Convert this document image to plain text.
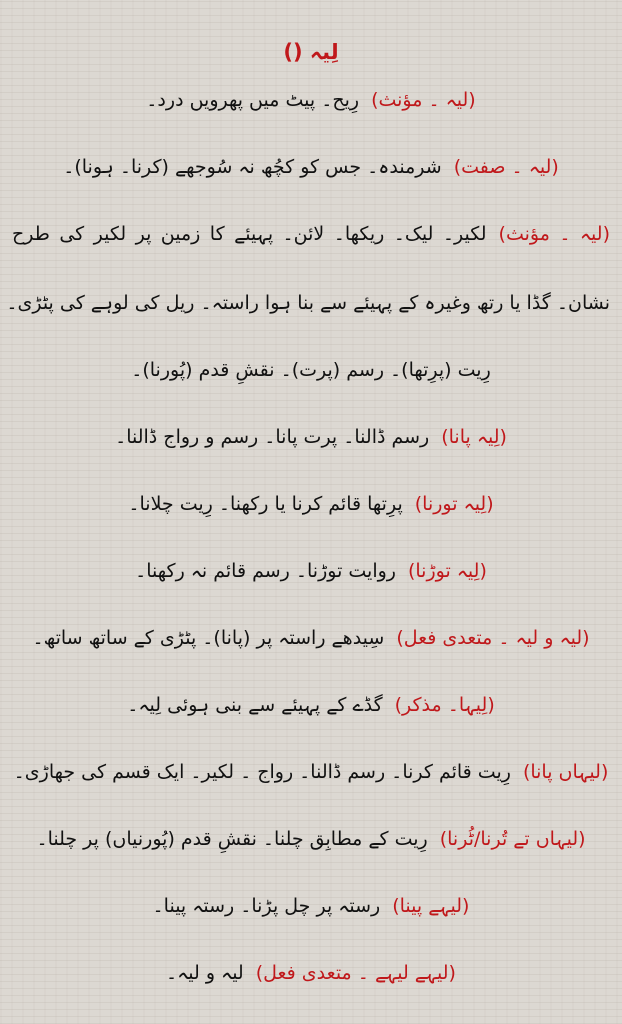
لِیہ ()
(لیہ ۔ مؤنث)رِیح۔ پیٹ میں پھرویں درد۔
(لیہ ۔ صفت)شرمندہ۔ جس کو کچُھ نہ سُوجھے (کرنا۔ ہونا)۔
(لیہ ۔ مؤنث)لکیر۔ لیک۔ ریکھا۔ لائن۔ پہیئے کا زمین پر لکیر کی طرح
نشان۔ گڈا یا رتھ وغیرہ کے پہیئے سے بنا ہوا راستہ۔ ریل کی لوہے کی پٹڑی۔
رِیت (پرِتھا)۔ رسم (پرت)۔ نقشِ قدم (پُورنا)۔
(لِیہ پانا)رسم ڈالنا۔ پرت پانا۔ رسم و رواج ڈالنا۔
(لِیہ تورنا)پرِتھا قائم کرنا یا رکھنا۔ رِیت چلانا۔
(لِیہ توڑنا)روایت توڑنا۔ رسم قائم نہ رکھنا۔
(لیہ و لیہ ۔ متعدی فعل)سِیدھے راستہ پر (پانا)۔ پٹڑی کے ساتھ ساتھ۔
(لِیہا۔ مذکر)گڈے کے پہیئے سے بنی ہوئی لِیہ۔
(لیہاں پانا)رِیت قائم کرنا۔ رسم ڈالنا۔ رواج ۔ لکیر۔ ایک قسم کی جھاڑی۔
(لیہاں تے تُرنا/ٹُرنا)رِیت کے مطابِق چلنا۔ نقشِ قدم (پُورنیاں) پر چلنا۔
(لیہے پینا)رستہ پر چل پڑنا۔ رستہ پینا۔
(لیہے لیہے ۔ متعدی فعل)لیہ و لیہ۔
